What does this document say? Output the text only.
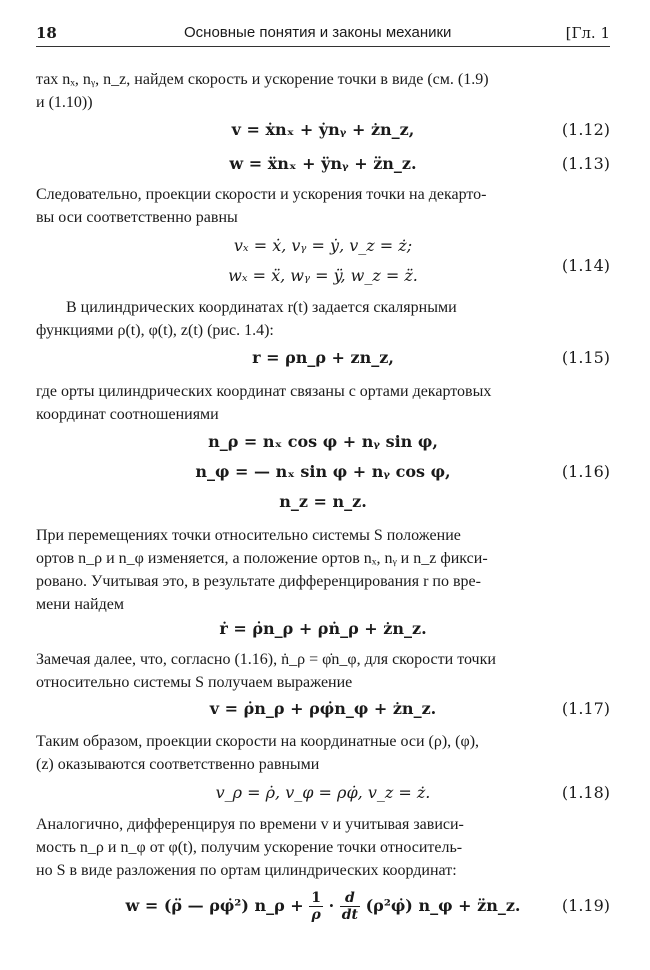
18	Основные понятия и законы механики	[Гл. 1
тах nₓ, nᵧ, n_z, найдем скорость и ускорение точки в виде (см. (1.9)
и (1.10))
v = ẋnₓ + ẏnᵧ + żn_z,	(1.12)
w = ẍnₓ + ÿnᵧ + z̈n_z.	(1.13)
Следовательно, проекции скорости и ускорения точки на декарто-
вы оси соответственно равны
vₓ = ẋ, vᵧ = ẏ, v_z = ż;
(1.14)
wₓ = ẍ, wᵧ = ÿ, w_z = z̈.
В цилиндрических координатах r(t) задается скалярными
функциями ρ(t), φ(t), z(t) (рис. 1.4):
r = ρn_ρ + zn_z,	(1.15)
где орты цилиндрических координат связаны с ортами декартовых
координат соотношениями
n_ρ = nₓ cos φ + nᵧ sin φ,
n_φ = — nₓ sin φ + nᵧ cos φ,	(1.16)
n_z = n_z.
При перемещениях точки относительно системы S положение
ортов n_ρ и n_φ изменяется, а положение ортов nₓ, nᵧ и n_z фикси-
ровано. Учитывая это, в результате дифференцирования r по вре-
мени найдем
ṙ = ρ̇n_ρ + ρṅ_ρ + żn_z.
Замечая далее, что, согласно (1.16), ṅ_ρ = φ̇n_φ, для скорости точки
относительно системы S получаем выражение
v = ρ̇n_ρ + ρφ̇n_φ + żn_z.	(1.17)
Таким образом, проекции скорости на координатные оси (ρ), (φ),
(z) оказываются соответственно равными
v_ρ = ρ̇, v_φ = ρφ̇, v_z = ż.	(1.18)
Аналогично, дифференцируя по времени v и учитывая зависи-
мость n_ρ и n_φ от φ(t), получим ускорение точки относитель-
но S в виде разложения по ортам цилиндрических координат:
w = (ρ̈ — ρφ̇²) n_ρ + $\frac{1}{\rho} \cdot \frac{d}{dt}$ (ρ²φ̇) n_φ + z̈n_z.	(1.19)
